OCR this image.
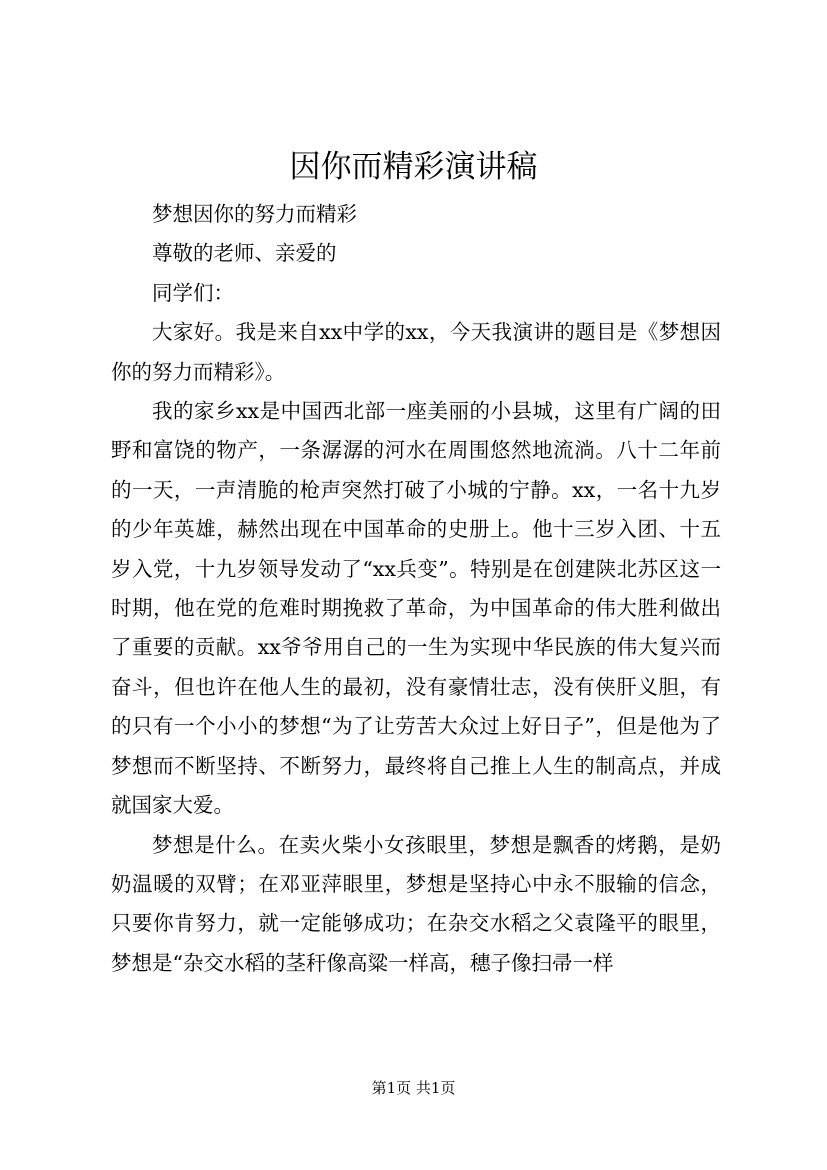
因你而精彩演讲稿

梦想因你的努力而精彩

尊敬的老师、亲爱的

同学们：

大家好。我是来自xx中学的xx，今天我演讲的题目是《梦想因你的努力而精彩》。

我的家乡xx是中国西北部一座美丽的小县城，这里有广阔的田野和富饶的物产，一条潺潺的河水在周围悠然地流淌。八十二年前的一天，一声清脆的枪声突然打破了小城的宁静。xx，一名十九岁的少年英雄，赫然出现在中国革命的史册上。他十三岁入团、十五岁入党，十九岁领导发动了“xx兵变”。特别是在创建陕北苏区这一时期，他在党的危难时期挽救了革命，为中国革命的伟大胜利做出了重要的贡献。xx爷爷用自己的一生为实现中华民族的伟大复兴而奋斗，但也许在他人生的最初，没有豪情壮志，没有侠肝义胆，有的只有一个小小的梦想“为了让劳苦大众过上好日子”，但是他为了梦想而不断坚持、不断努力，最终将自己推上人生的制高点，并成就国家大爱。

梦想是什么。在卖火柴小女孩眼里，梦想是飘香的烤鹅，是奶奶温暖的双臂；在邓亚萍眼里，梦想是坚持心中永不服输的信念，只要你肯努力，就一定能够成功；在杂交水稻之父袁隆平的眼里，梦想是“杂交水稻的茎秆像高粱一样高，穗子像扫帚一样

第1页 共1页
